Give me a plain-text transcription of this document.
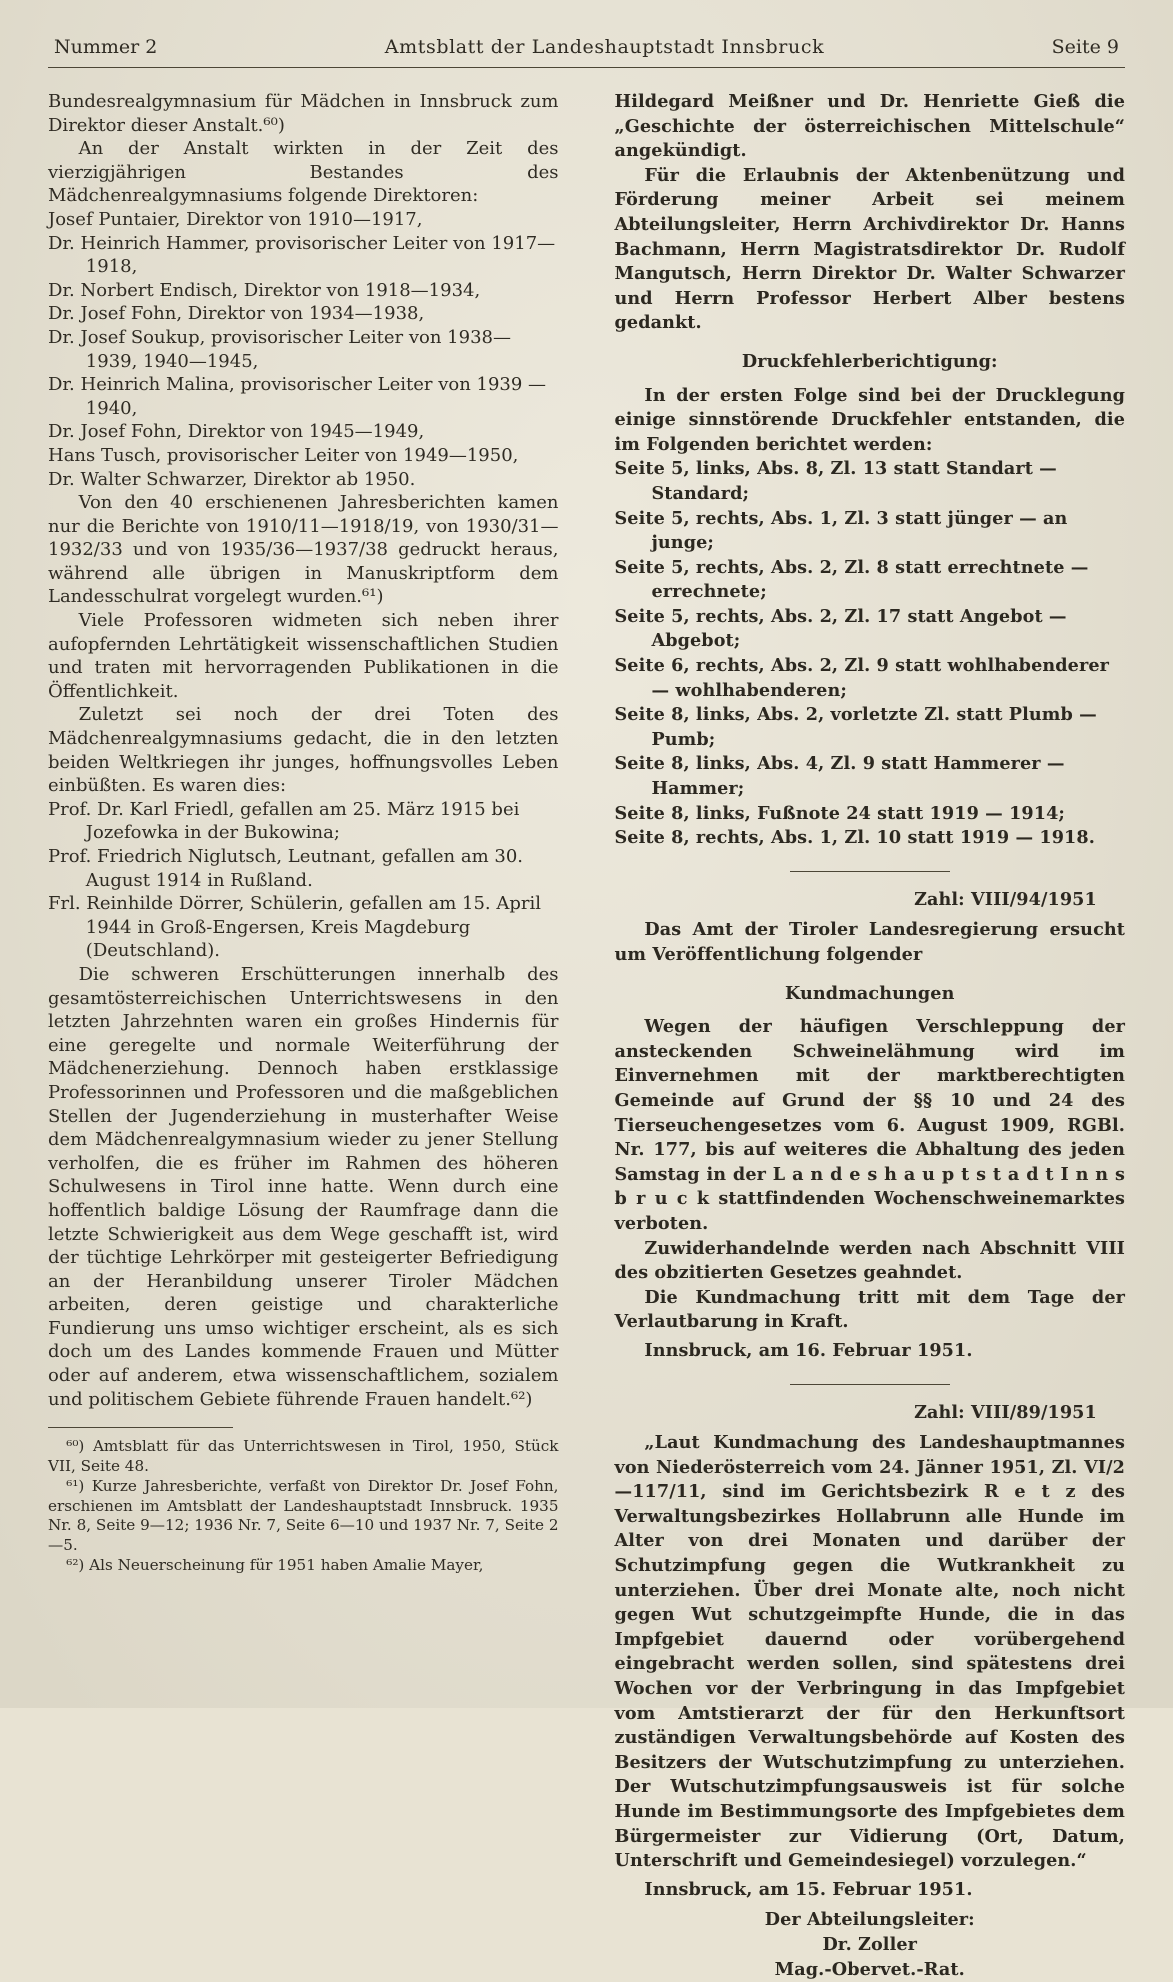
Nummer 2	Amtsblatt der Landeshauptstadt Innsbruck	Seite 9

Bundesrealgymnasium für Mädchen in Innsbruck zum Direktor dieser Anstalt.⁶⁰)

An der Anstalt wirkten in der Zeit des vierzigjährigen Bestandes des Mädchenrealgymnasiums folgende Direktoren:

Josef Puntaier, Direktor von 1910—1917,

Dr. Heinrich Hammer, provisorischer Leiter von 1917—1918,

Dr. Norbert Endisch, Direktor von 1918—1934,

Dr. Josef Fohn, Direktor von 1934—1938,

Dr. Josef Soukup, provisorischer Leiter von 1938— 1939, 1940—1945,

Dr. Heinrich Malina, provisorischer Leiter von 1939 —1940,

Dr. Josef Fohn, Direktor von 1945—1949,

Hans Tusch, provisorischer Leiter von 1949—1950,

Dr. Walter Schwarzer, Direktor ab 1950.

Von den 40 erschienenen Jahresberichten kamen nur die Berichte von 1910/11—1918/19, von 1930/31—1932/33 und von 1935/36—1937/38 gedruckt heraus, während alle übrigen in Manuskriptform dem Landesschulrat vorgelegt wurden.⁶¹)

Viele Professoren widmeten sich neben ihrer aufopfernden Lehrtätigkeit wissenschaftlichen Studien und traten mit hervorragenden Publikationen in die Öffentlichkeit.

Zuletzt sei noch der drei Toten des Mädchenrealgymnasiums gedacht, die in den letzten beiden Weltkriegen ihr junges, hoffnungsvolles Leben einbüßten. Es waren dies:

Prof. Dr. Karl Friedl, gefallen am 25. März 1915 bei Jozefowka in der Bukowina;

Prof. Friedrich Niglutsch, Leutnant, gefallen am 30. August 1914 in Rußland.

Frl. Reinhilde Dörrer, Schülerin, gefallen am 15. April 1944 in Groß-Engersen, Kreis Magdeburg (Deutschland).

Die schweren Erschütterungen innerhalb des gesamtösterreichischen Unterrichtswesens in den letzten Jahrzehnten waren ein großes Hindernis für eine geregelte und normale Weiterführung der Mädchenerziehung. Dennoch haben erstklassige Professorinnen und Professoren und die maßgeblichen Stellen der Jugenderziehung in musterhafter Weise dem Mädchenrealgymnasium wieder zu jener Stellung verholfen, die es früher im Rahmen des höheren Schulwesens in Tirol inne hatte. Wenn durch eine hoffentlich baldige Lösung der Raumfrage dann die letzte Schwierigkeit aus dem Wege geschafft ist, wird der tüchtige Lehrkörper mit gesteigerter Befriedigung an der Heranbildung unserer Tiroler Mädchen arbeiten, deren geistige und charakterliche Fundierung uns umso wichtiger erscheint, als es sich doch um des Landes kommende Frauen und Mütter oder auf anderem, etwa wissenschaftlichem, sozialem und politischem Gebiete führende Frauen handelt.⁶²)

⁶⁰) Amtsblatt für das Unterrichtswesen in Tirol, 1950, Stück VII, Seite 48.

⁶¹) Kurze Jahresberichte, verfaßt von Direktor Dr. Josef Fohn, erschienen im Amtsblatt der Landeshauptstadt Innsbruck. 1935 Nr. 8, Seite 9—12; 1936 Nr. 7, Seite 6—10 und 1937 Nr. 7, Seite 2—5.

⁶²) Als Neuerscheinung für 1951 haben Amalie Mayer,

Hildegard Meißner und Dr. Henriette Gieß die „Geschichte der österreichischen Mittelschule“ angekündigt.

Für die Erlaubnis der Aktenbenützung und Förderung meiner Arbeit sei meinem Abteilungsleiter, Herrn Archivdirektor Dr. Hanns Bachmann, Herrn Magistratsdirektor Dr. Rudolf Mangutsch, Herrn Direktor Dr. Walter Schwarzer und Herrn Professor Herbert Alber bestens gedankt.

Druckfehlerberichtigung:

In der ersten Folge sind bei der Drucklegung einige sinnstörende Druckfehler entstanden, die im Folgenden berichtet werden:

Seite 5, links, Abs. 8, Zl. 13 statt Standart — Standard;

Seite 5, rechts, Abs. 1, Zl. 3 statt jünger — an junge;

Seite 5, rechts, Abs. 2, Zl. 8 statt errechtnete — errechnete;

Seite 5, rechts, Abs. 2, Zl. 17 statt Angebot — Abgebot;

Seite 6, rechts, Abs. 2, Zl. 9 statt wohlhabenderer — wohlhabenderen;

Seite 8, links, Abs. 2, vorletzte Zl. statt Plumb — Pumb;

Seite 8, links, Abs. 4, Zl. 9 statt Hammerer — Hammer;

Seite 8, links, Fußnote 24 statt 1919 — 1914;

Seite 8, rechts, Abs. 1, Zl. 10 statt 1919 — 1918.

Zahl: VIII/94/1951

Das Amt der Tiroler Landesregierung ersucht um Veröffentlichung folgender

Kundmachungen

Wegen der häufigen Verschleppung der ansteckenden Schweinelähmung wird im Einvernehmen mit der marktberechtigten Gemeinde auf Grund der §§ 10 und 24 des Tierseuchengesetzes vom 6. August 1909, RGBl. Nr. 177, bis auf weiteres die Abhaltung des jeden Samstag in der L a n d e s h a u p t s t a d t I n n s b r u c k stattfindenden Wochenschweinemarktes verboten.

Zuwiderhandelnde werden nach Abschnitt VIII des obzitierten Gesetzes geahndet.

Die Kundmachung tritt mit dem Tage der Verlautbarung in Kraft.

Innsbruck, am 16. Februar 1951.

Zahl: VIII/89/1951

„Laut Kundmachung des Landeshauptmannes von Niederösterreich vom 24. Jänner 1951, Zl. VI/2—117/11, sind im Gerichtsbezirk R e t z des Verwaltungsbezirkes Hollabrunn alle Hunde im Alter von drei Monaten und darüber der Schutzimpfung gegen die Wutkrankheit zu unterziehen. Über drei Monate alte, noch nicht gegen Wut schutzgeimpfte Hunde, die in das Impfgebiet dauernd oder vorübergehend eingebracht werden sollen, sind spätestens drei Wochen vor der Verbringung in das Impfgebiet vom Amtstierarzt der für den Herkunftsort zuständigen Verwaltungsbehörde auf Kosten des Besitzers der Wutschutzimpfung zu unterziehen. Der Wutschutzimpfungsausweis ist für solche Hunde im Bestimmungsorte des Impfgebietes dem Bürgermeister zur Vidierung (Ort, Datum, Unterschrift und Gemeindesiegel) vorzulegen.“

Innsbruck, am 15. Februar 1951.

Der Abteilungsleiter:

Dr. Zoller

Mag.-Obervet.-Rat.
